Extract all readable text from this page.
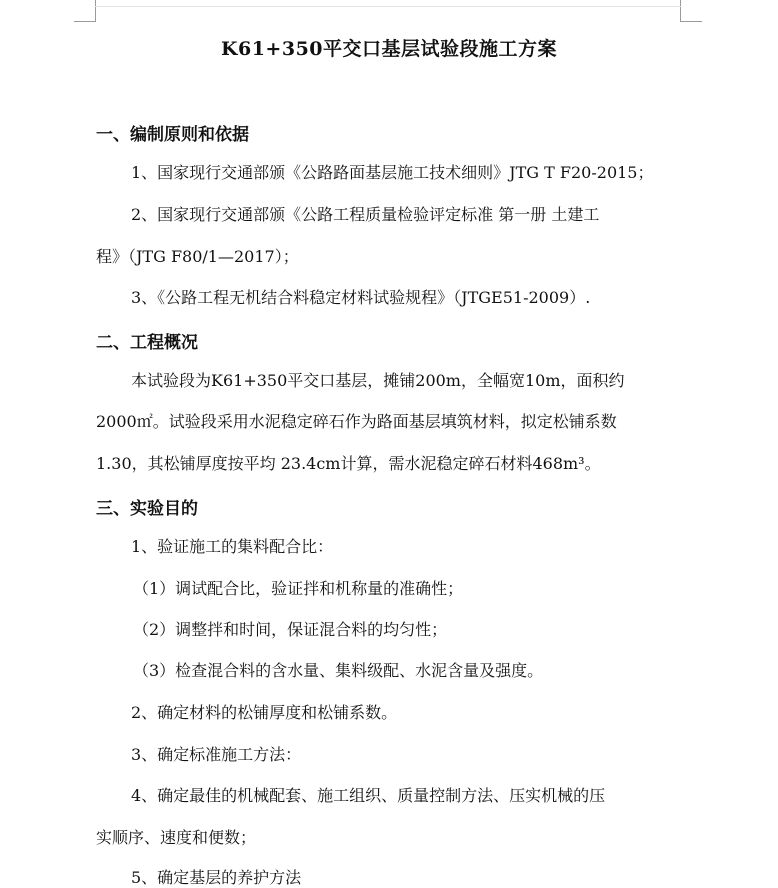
K61+350平交口基层试验段施工方案
一、编制原则和依据
1、国家现行交通部颁《公路路面基层施工技术细则》JTG T F20-2015；
2、国家现行交通部颁《公路工程质量检验评定标准 第一册 土建工
程》（JTG F80/1—2017）；
3、《公路工程无机结合料稳定材料试验规程》（JTGE51-2009）.
二、工程概况
本试验段为K61+350平交口基层，摊铺200m，全幅宽10m，面积约
2000㎡。试验段采用水泥稳定碎石作为路面基层填筑材料，拟定松铺系数
1.30，其松铺厚度按平均 23.4cm计算，需水泥稳定碎石材料468m³。
三、实验目的
1、验证施工的集料配合比：
（1）调试配合比，验证拌和机称量的准确性；
（2）调整拌和时间，保证混合料的均匀性；
（3）检查混合料的含水量、集料级配、水泥含量及强度。
2、确定材料的松铺厚度和松铺系数。
3、确定标准施工方法：
4、确定最佳的机械配套、施工组织、质量控制方法、压实机械的压
实顺序、速度和便数；
5、确定基层的养护方法
